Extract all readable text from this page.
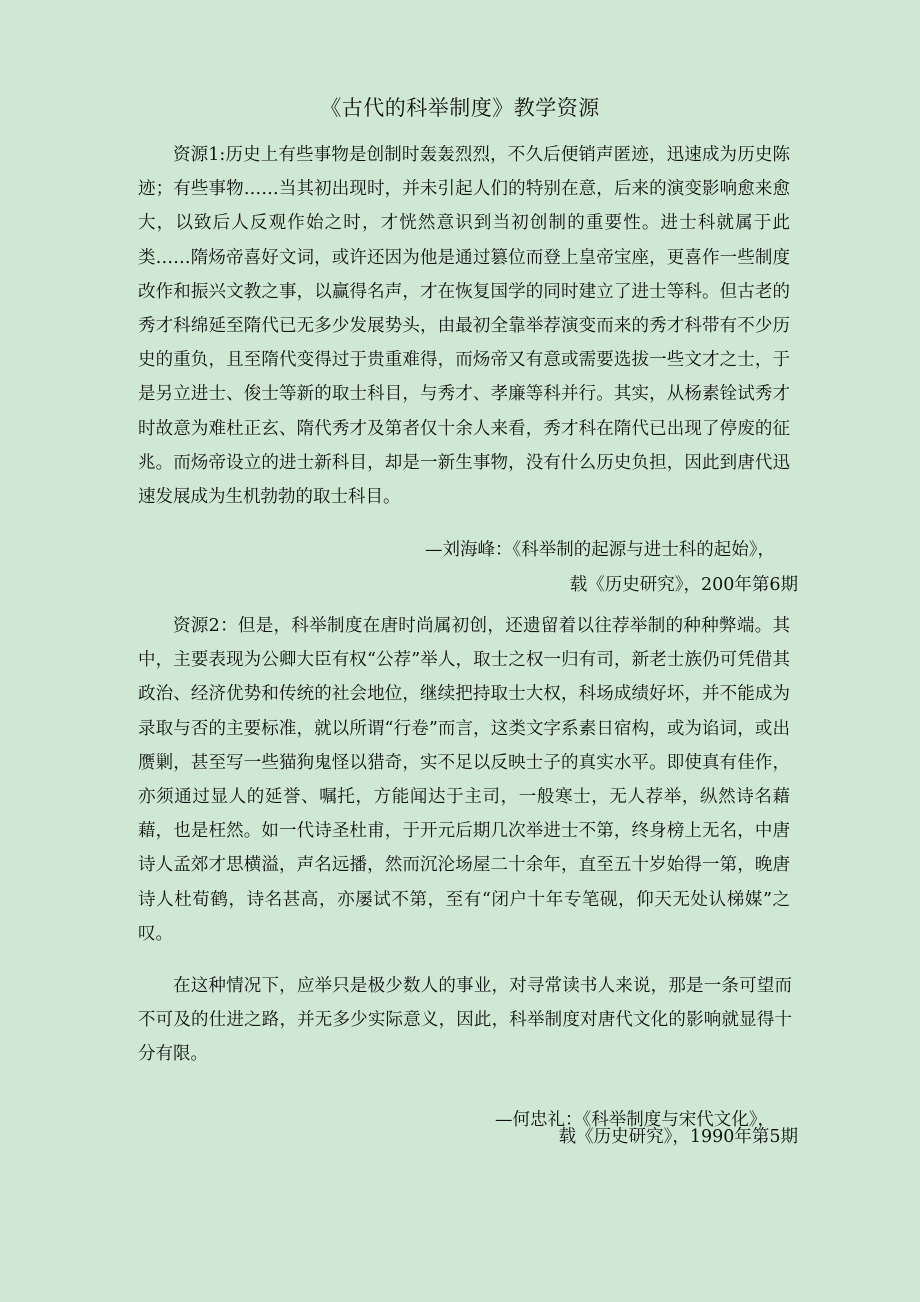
《古代的科举制度》教学资源

资源1:历史上有些事物是创制时轰轰烈烈，不久后便销声匿迹，迅速成为历史陈迹；有些事物……当其初出现时，并未引起人们的特别在意，后来的演变影响愈来愈大，以致后人反观作始之时，才恍然意识到当初创制的重要性。进士科就属于此类……隋炀帝喜好文词，或许还因为他是通过篡位而登上皇帝宝座，更喜作一些制度改作和振兴文教之事，以赢得名声，才在恢复国学的同时建立了进士等科。但古老的秀才科绵延至隋代已无多少发展势头，由最初全靠举荐演变而来的秀才科带有不少历史的重负，且至隋代变得过于贵重难得，而炀帝又有意或需要选拔一些文才之士，于是另立进士、俊士等新的取士科目，与秀才、孝廉等科并行。其实，从杨素铨试秀才时故意为难杜正玄、隋代秀才及第者仅十余人来看，秀才科在隋代已出现了停废的征兆。而炀帝设立的进士新科目，却是一新生事物，没有什么历史负担，因此到唐代迅速发展成为生机勃勃的取士科目。

—刘海峰：《科举制的起源与进士科的起始》，
载《历史研究》，200年第6期

资源2：但是，科举制度在唐时尚属初创，还遗留着以往荐举制的种种弊端。其中，主要表现为公卿大臣有权“公荐”举人，取士之权一归有司，新老士族仍可凭借其政治、经济优势和传统的社会地位，继续把持取士大权，科场成绩好坏，并不能成为录取与否的主要标准，就以所谓“行卷”而言，这类文字系素日宿构，或为谄词，或出赝剿，甚至写一些猫狗鬼怪以猎奇，实不足以反映士子的真实水平。即使真有佳作，亦须通过显人的延誉、嘱托，方能闻达于主司，一般寒士，无人荐举，纵然诗名藉藉，也是枉然。如一代诗圣杜甫，于开元后期几次举进士不第，终身榜上无名，中唐诗人孟郊才思横溢，声名远播，然而沉沦场屋二十余年，直至五十岁始得一第，晚唐诗人杜荀鹤，诗名甚高，亦屡试不第，至有“闭户十年专笔砚，仰天无处认梯媒”之叹。

在这种情况下，应举只是极少数人的事业，对寻常读书人来说，那是一条可望而不可及的仕进之路，并无多少实际意义，因此，科举制度对唐代文化的影响就显得十分有限。

—何忠礼：《科举制度与宋代文化》，
载《历史研究》，1990年第5期
